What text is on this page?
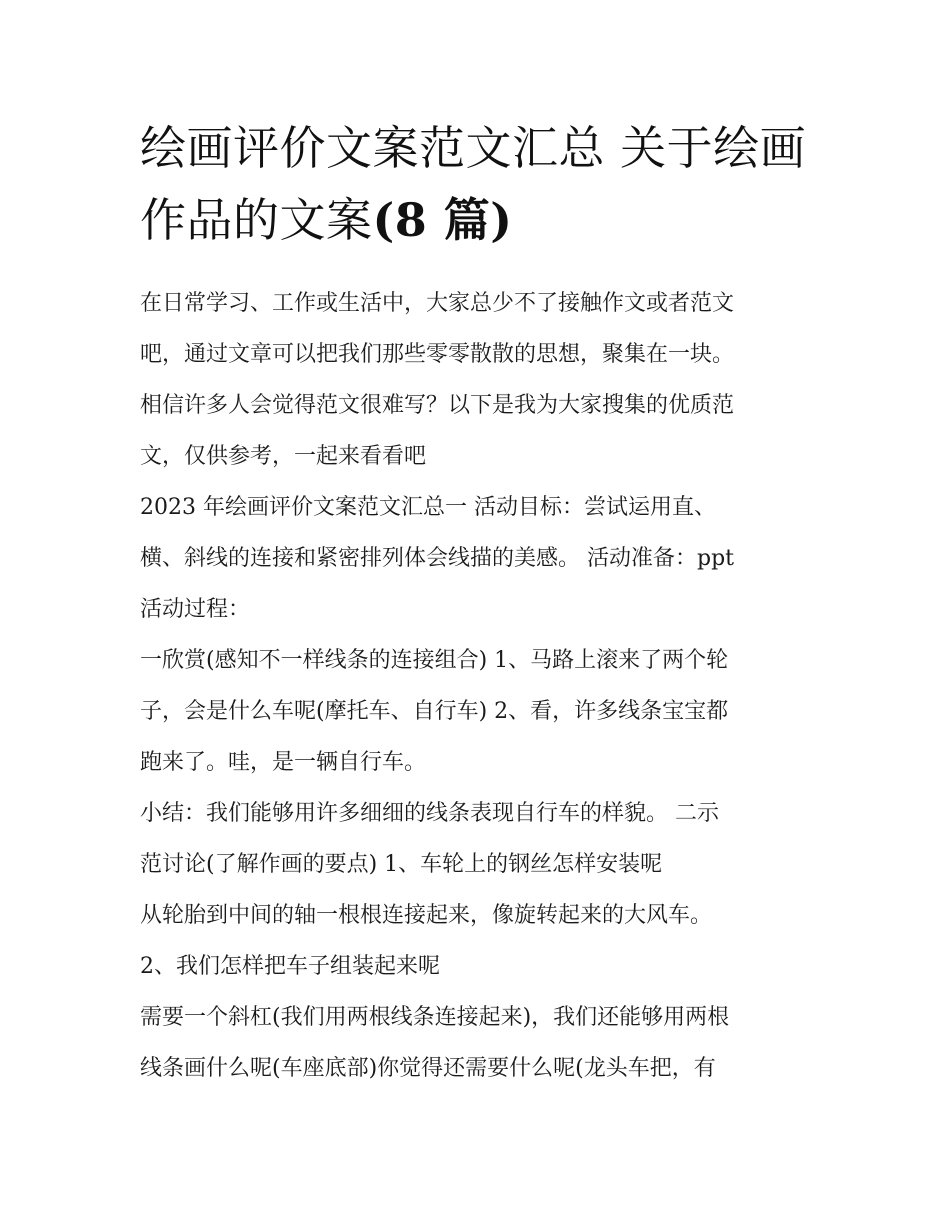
绘画评价文案范文汇总 关于绘画作品的文案(8 篇)
在日常学习、工作或生活中，大家总少不了接触作文或者范文
吧，通过文章可以把我们那些零零散散的思想，聚集在一块。
相信许多人会觉得范文很难写？以下是我为大家搜集的优质范
文，仅供参考，一起来看看吧
2023 年绘画评价文案范文汇总一 活动目标：尝试运用直、
横、斜线的连接和紧密排列体会线描的美感。 活动准备：ppt
活动过程：
一欣赏(感知不一样线条的连接组合) 1、马路上滚来了两个轮
子，会是什么车呢(摩托车、自行车) 2、看，许多线条宝宝都
跑来了。哇，是一辆自行车。
小结：我们能够用许多细细的线条表现自行车的样貌。 二示
范讨论(了解作画的要点) 1、车轮上的钢丝怎样安装呢
从轮胎到中间的轴一根根连接起来，像旋转起来的大风车。
2、我们怎样把车子组装起来呢
需要一个斜杠(我们用两根线条连接起来)，我们还能够用两根
线条画什么呢(车座底部)你觉得还需要什么呢(龙头车把，有
